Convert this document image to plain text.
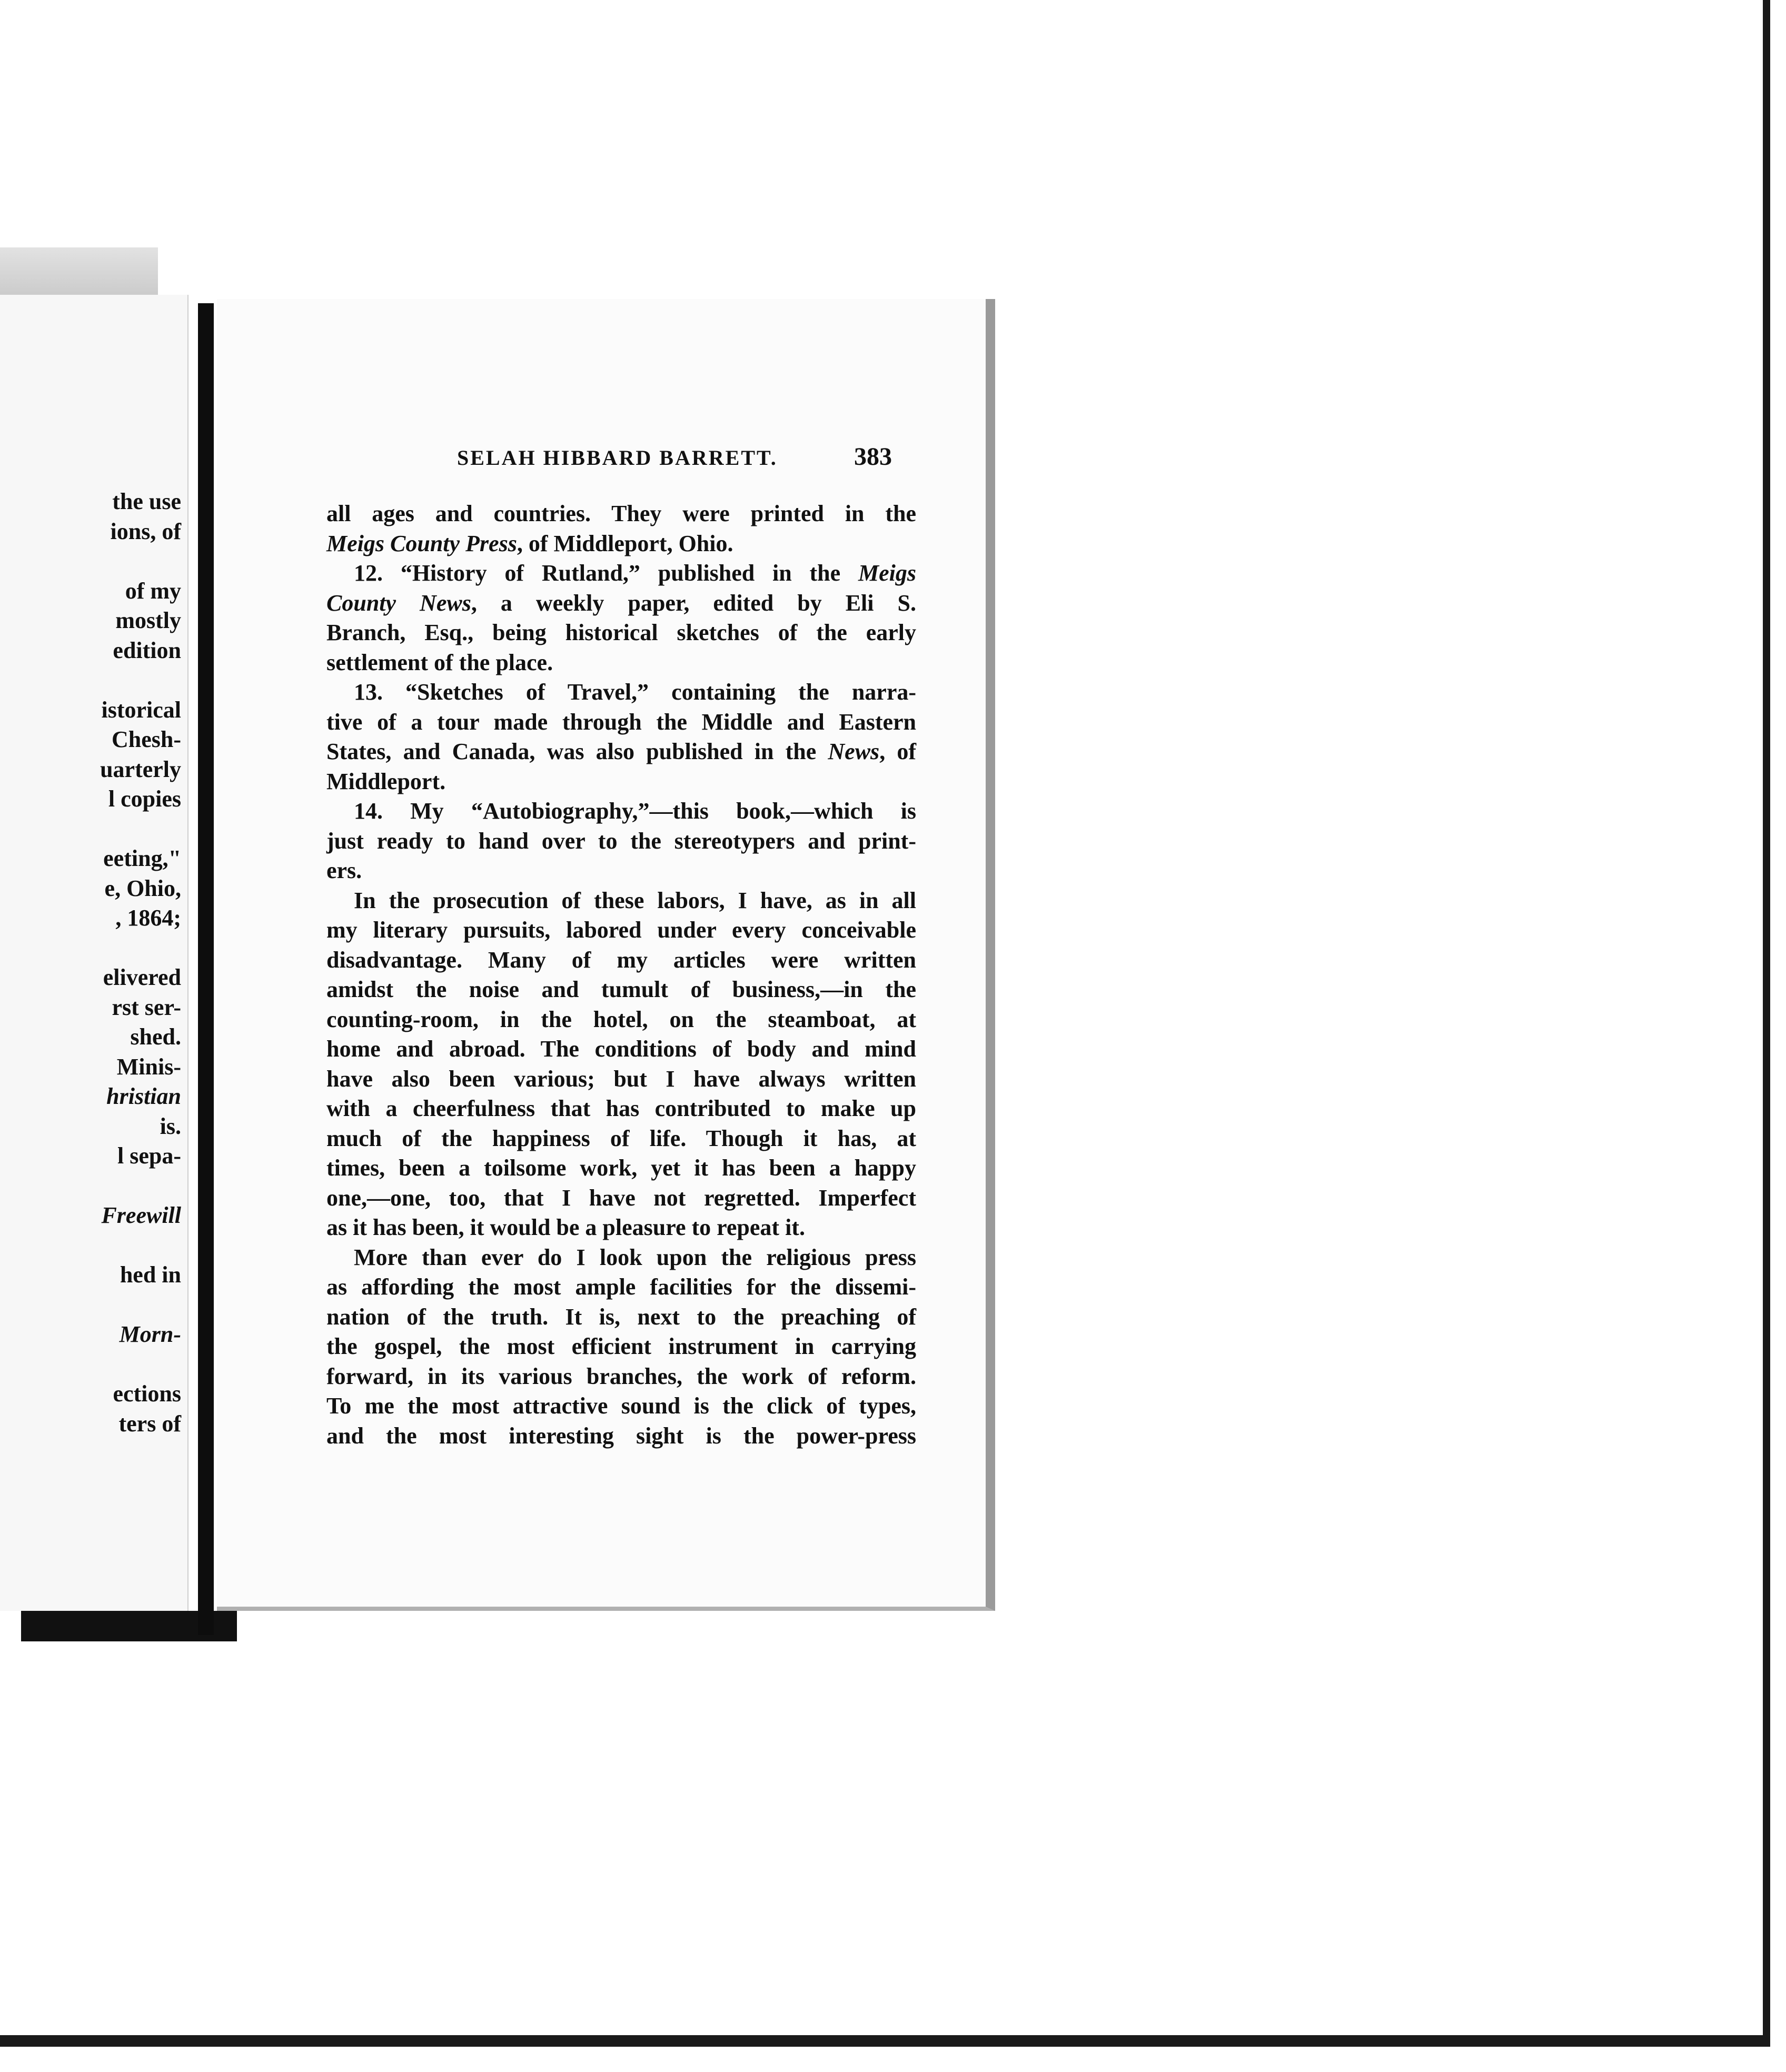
the use
ions, of
of my
mostly
edition
istorical
Chesh-
uarterly
l copies
eeting,"
e, Ohio,
, 1864;
elivered
rst ser-
shed.
Minis-
hristian
is.
l sepa-
Freewill
hed in
Morn-
ections
ters of
SELAH HIBBARD BARRETT.	383
all ages and countries. They were printed in the
Meigs County Press, of Middleport, Ohio.
12. “History of Rutland,” published in the Meigs
County News, a weekly paper, edited by Eli S.
Branch, Esq., being historical sketches of the early
settlement of the place.
13. “Sketches of Travel,” containing the narra-
tive of a tour made through the Middle and Eastern
States, and Canada, was also published in the News, of
Middleport.
14. My “Autobiography,”—this book,—which is
just ready to hand over to the stereotypers and print-
ers.
In the prosecution of these labors, I have, as in all
my literary pursuits, labored under every conceivable
disadvantage. Many of my articles were written
amidst the noise and tumult of business,—in the
counting-room, in the hotel, on the steamboat, at
home and abroad. The conditions of body and mind
have also been various; but I have always written
with a cheerfulness that has contributed to make up
much of the happiness of life. Though it has, at
times, been a toilsome work, yet it has been a happy
one,—one, too, that I have not regretted. Imperfect
as it has been, it would be a pleasure to repeat it.
More than ever do I look upon the religious press
as affording the most ample facilities for the dissemi-
nation of the truth. It is, next to the preaching of
the gospel, the most efficient instrument in carrying
forward, in its various branches, the work of reform.
To me the most attractive sound is the click of types,
and the most interesting sight is the power-press
